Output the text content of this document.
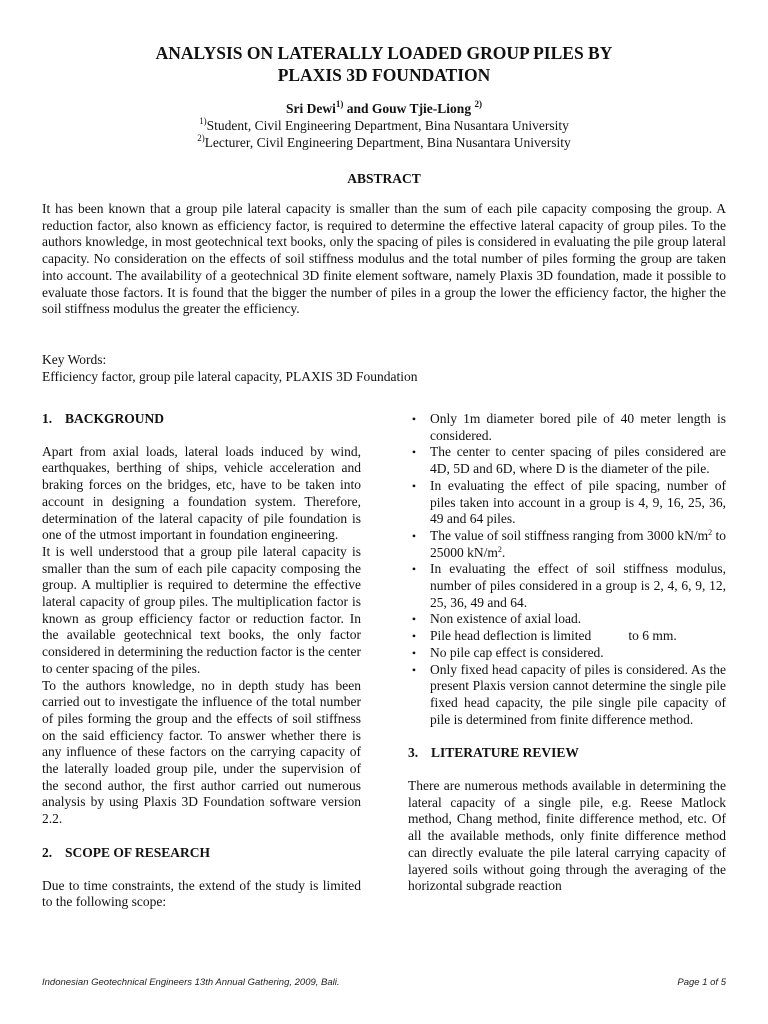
ANALYSIS ON LATERALLY LOADED GROUP PILES BY
PLAXIS 3D FOUNDATION
Sri Dewi$^{1)}$ and Gouw Tjie-Liong $^{2)}$
$^{1)}$Student, Civil Engineering Department, Bina Nusantara University
$^{2)}$Lecturer, Civil Engineering Department, Bina Nusantara University
ABSTRACT

It has been known that a group pile lateral capacity is smaller than the sum of each pile capacity composing the group. A reduction factor, also known as efficiency factor, is required to determine the effective lateral capacity of group piles. To the authors knowledge, in most geotechnical text books, only the spacing of piles is considered in evaluating the pile group lateral capacity. No consideration on the effects of soil stiffness modulus and the total number of piles forming the group are taken into account. The availability of a geotechnical 3D finite element software, namely Plaxis 3D foundation, made it possible to evaluate those factors. It is found that the bigger the number of piles in a group the lower the efficiency factor, the higher the soil stiffness modulus the greater the efficiency.

Key Words:
Efficiency factor, group pile lateral capacity, PLAXIS 3D Foundation
1. BACKGROUND

Apart from axial loads, lateral loads induced by wind, earthquakes, berthing of ships, vehicle acceleration and braking forces on the bridges, etc, have to be taken into account in designing a foundation system. Therefore, determination of the lateral capacity of pile foundation is one of the utmost important in foundation engineering.

It is well understood that a group pile lateral capacity is smaller than the sum of each pile capacity composing the group. A multiplier is required to determine the effective lateral capacity of group piles. The multiplication factor is known as group efficiency factor or reduction factor. In the available geotechnical text books, the only factor considered in determining the reduction factor is the center to center spacing of the piles.

To the authors knowledge, no in depth study has been carried out to investigate the influence of the total number of piles forming the group and the effects of soil stiffness on the said efficiency factor. To answer whether there is any influence of these factors on the carrying capacity of the laterally loaded group pile, under the supervision of the second author, the first author carried out numerous analysis by using Plaxis 3D Foundation software version 2.2.

2. SCOPE OF RESEARCH

Due to time constraints, the extend of the study is limited to the following scope:

• Only 1m diameter bored pile of 40 meter length is considered.
• The center to center spacing of piles considered are 4D, 5D and 6D, where D is the diameter of the pile.
• In evaluating the effect of pile spacing, number of piles taken into account in a group is 4, 9, 16, 25, 36, 49 and 64 piles.
• The value of soil stiffness ranging from 3000 $kN/m^2$ to 25000 $kN/m^2$.
• In evaluating the effect of soil stiffness modulus, number of piles considered in a group is 2, 4, 6, 9, 12, 25, 36, 49 and 64.
• Non existence of axial load.
• Pile head deflection is limited           to 6 mm.
• No pile cap effect is considered.
• Only fixed head capacity of piles is considered. As the present Plaxis version cannot determine the single pile fixed head capacity, the pile single pile capacity of pile is determined from finite difference method.
3. LITERATURE REVIEW

There are numerous methods available in determining the lateral capacity of a single pile, e.g. Reese Matlock method, Chang method, finite difference method, etc. Of all the available methods, only finite difference method can directly evaluate the pile lateral carrying capacity of layered soils without going through the averaging of the horizontal subgrade reaction

Indonesian Geotechnical Engineers 13th Annual Gathering, 2009, Bali.	Page 1 of 5
